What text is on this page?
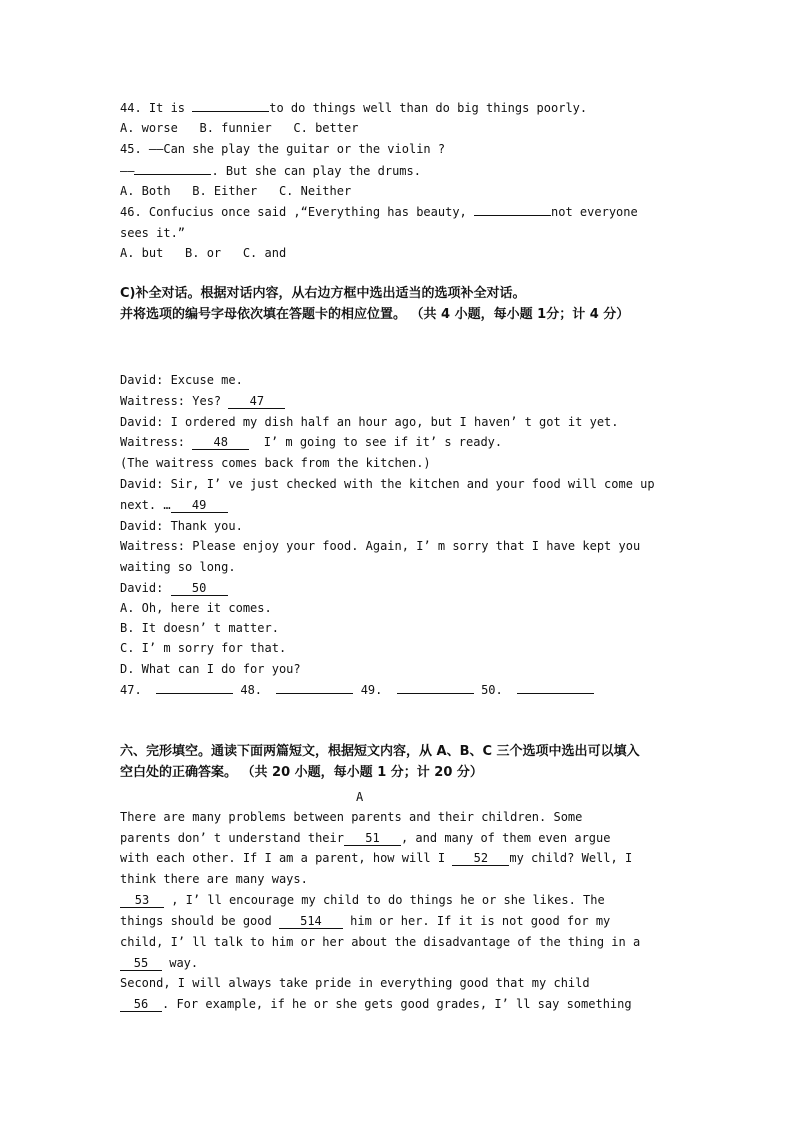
44. It is	to do things well than do big things poorly.
A. worse   B. funnier   C. better
45. ——Can she play the guitar or the violin ?
——	. But she can play the drums.
A. Both   B. Either   C. Neither
46. Confucius once said ,“Everything has beauty,	not everyone
sees it.”
A. but   B. or   C. and
C)补全对话。根据对话内容，从右边方框中选出适当的选项补全对话。
并将选项的编号字母依次填在答题卡的相应位置。 （共 4 小题，每小题 1分；计 4 分）
David: Excuse me.
Waitress: Yes? 47
David: I ordered my dish half an hour ago, but I haven’ t got it yet.
Waitress: 48  I’ m going to see if it’ s ready.
(The waitress comes back from the kitchen.)
David: Sir, I’ ve just checked with the kitchen and your food will come up
next. … 49
David: Thank you.
Waitress: Please enjoy your food. Again, I’ m sorry that I have kept you
waiting so long.
David: 50
A. Oh, here it comes.
B. It doesn’ t matter.
C. I’ m sorry for that.
D. What can I do for you?
47.	48.	49.	50.
六、完形填空。通读下面两篇短文，根据短文内容，从 A、B、C 三个选项中选出可以填入
空白处的正确答案。 （共 20 小题，每小题 1 分；计 20 分）
A
There are many problems between parents and their children. Some
parents don’ t understand their 51 , and many of them even argue
with each other. If I am a parent, how will I 52 my child? Well, I
think there are many ways.
53 , I’ ll encourage my child to do things he or she likes. The
things should be good 514 him or her. If it is not good for my
child, I’ ll talk to him or her about the disadvantage of the thing in a
55 way.
Second, I will always take pride in everything good that my child
56 . For example, if he or she gets good grades, I’ ll say something
